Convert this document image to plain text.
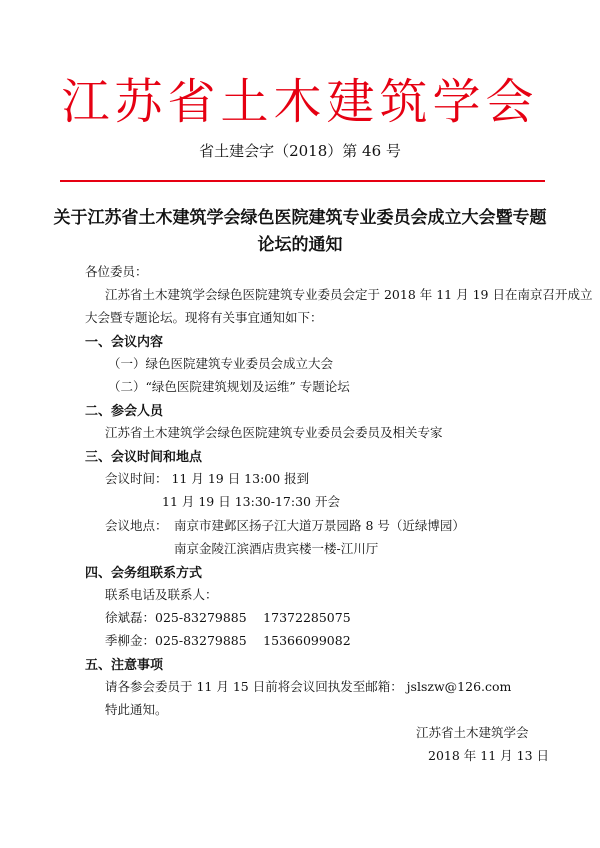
江苏省土木建筑学会
省土建会字（2018）第 46 号
关于江苏省土木建筑学会绿色医院建筑专业委员会成立大会暨专题
论坛的通知
各位委员：
江苏省土木建筑学会绿色医院建筑专业委员会定于 2018 年 11 月 19 日在南京召开成立
大会暨专题论坛。现将有关事宜通知如下：
一、会议内容
（一）绿色医院建筑专业委员会成立大会
（二）“绿色医院建筑规划及运维” 专题论坛
二、参会人员
江苏省土木建筑学会绿色医院建筑专业委员会委员及相关专家
三、会议时间和地点
会议时间： 11 月 19 日 13:00 报到
11 月 19 日 13:30-17:30 开会
会议地点： 南京市建邺区扬子江大道万景园路 8 号（近绿博园）
南京金陵江滨酒店贵宾楼一楼-江川厅
四、会务组联系方式
联系电话及联系人：
徐斌磊：025-83279885　 17372285075
季柳金：025-83279885　 15366099082
五、注意事项
请各参会委员于 11 月 15 日前将会议回执发至邮箱： jslszw@126.com
特此通知。
江苏省土木建筑学会
2018 年 11 月 13 日
